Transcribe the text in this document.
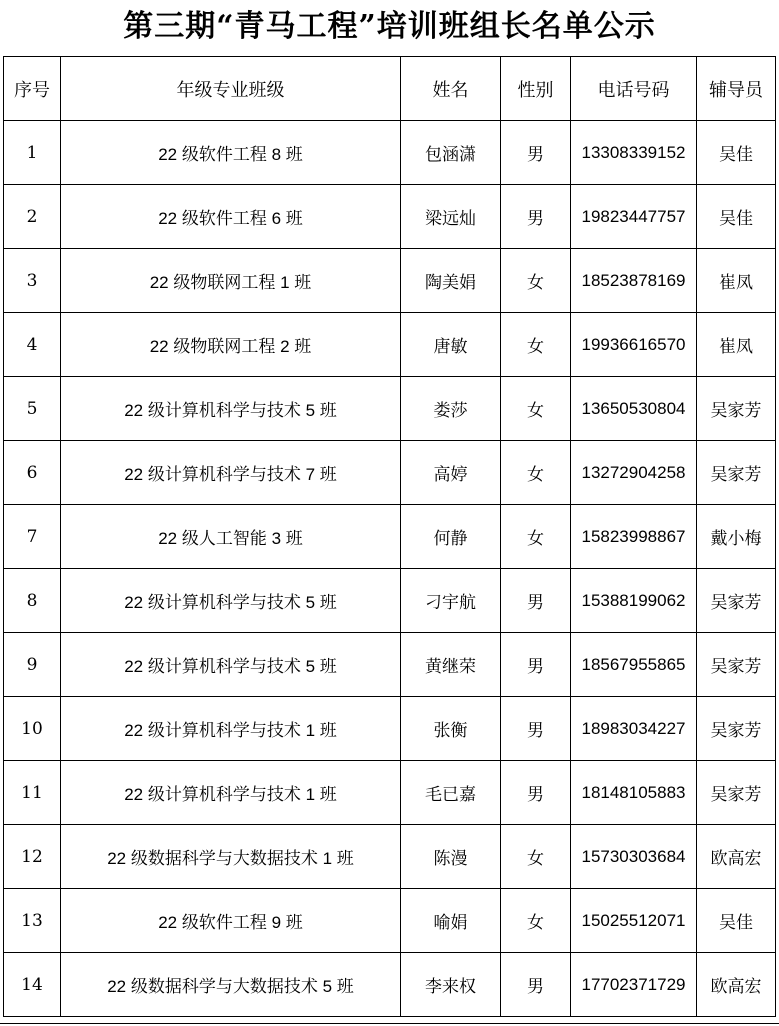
第三期“青马工程”培训班组长名单公示
序号	年级专业班级	姓名	性别	电话号码	辅导员
1	22 级软件工程 8 班	包涵潇	男	13308339152	吴佳
2	22 级软件工程 6 班	梁远灿	男	19823447757	吴佳
3	22 级物联网工程 1 班	陶美娟	女	18523878169	崔凤
4	22 级物联网工程 2 班	唐敏	女	19936616570	崔凤
5	22 级计算机科学与技术 5 班	娄莎	女	13650530804	吴家芳
6	22 级计算机科学与技术 7 班	高婷	女	13272904258	吴家芳
7	22 级人工智能 3 班	何静	女	15823998867	戴小梅
8	22 级计算机科学与技术 5 班	刁宇航	男	15388199062	吴家芳
9	22 级计算机科学与技术 5 班	黄继荣	男	18567955865	吴家芳
10	22 级计算机科学与技术 1 班	张衡	男	18983034227	吴家芳
11	22 级计算机科学与技术 1 班	毛已嘉	男	18148105883	吴家芳
12	22 级数据科学与大数据技术 1 班	陈漫	女	15730303684	欧高宏
13	22 级软件工程 9 班	喻娟	女	15025512071	吴佳
14	22 级数据科学与大数据技术 5 班	李来权	男	17702371729	欧高宏
